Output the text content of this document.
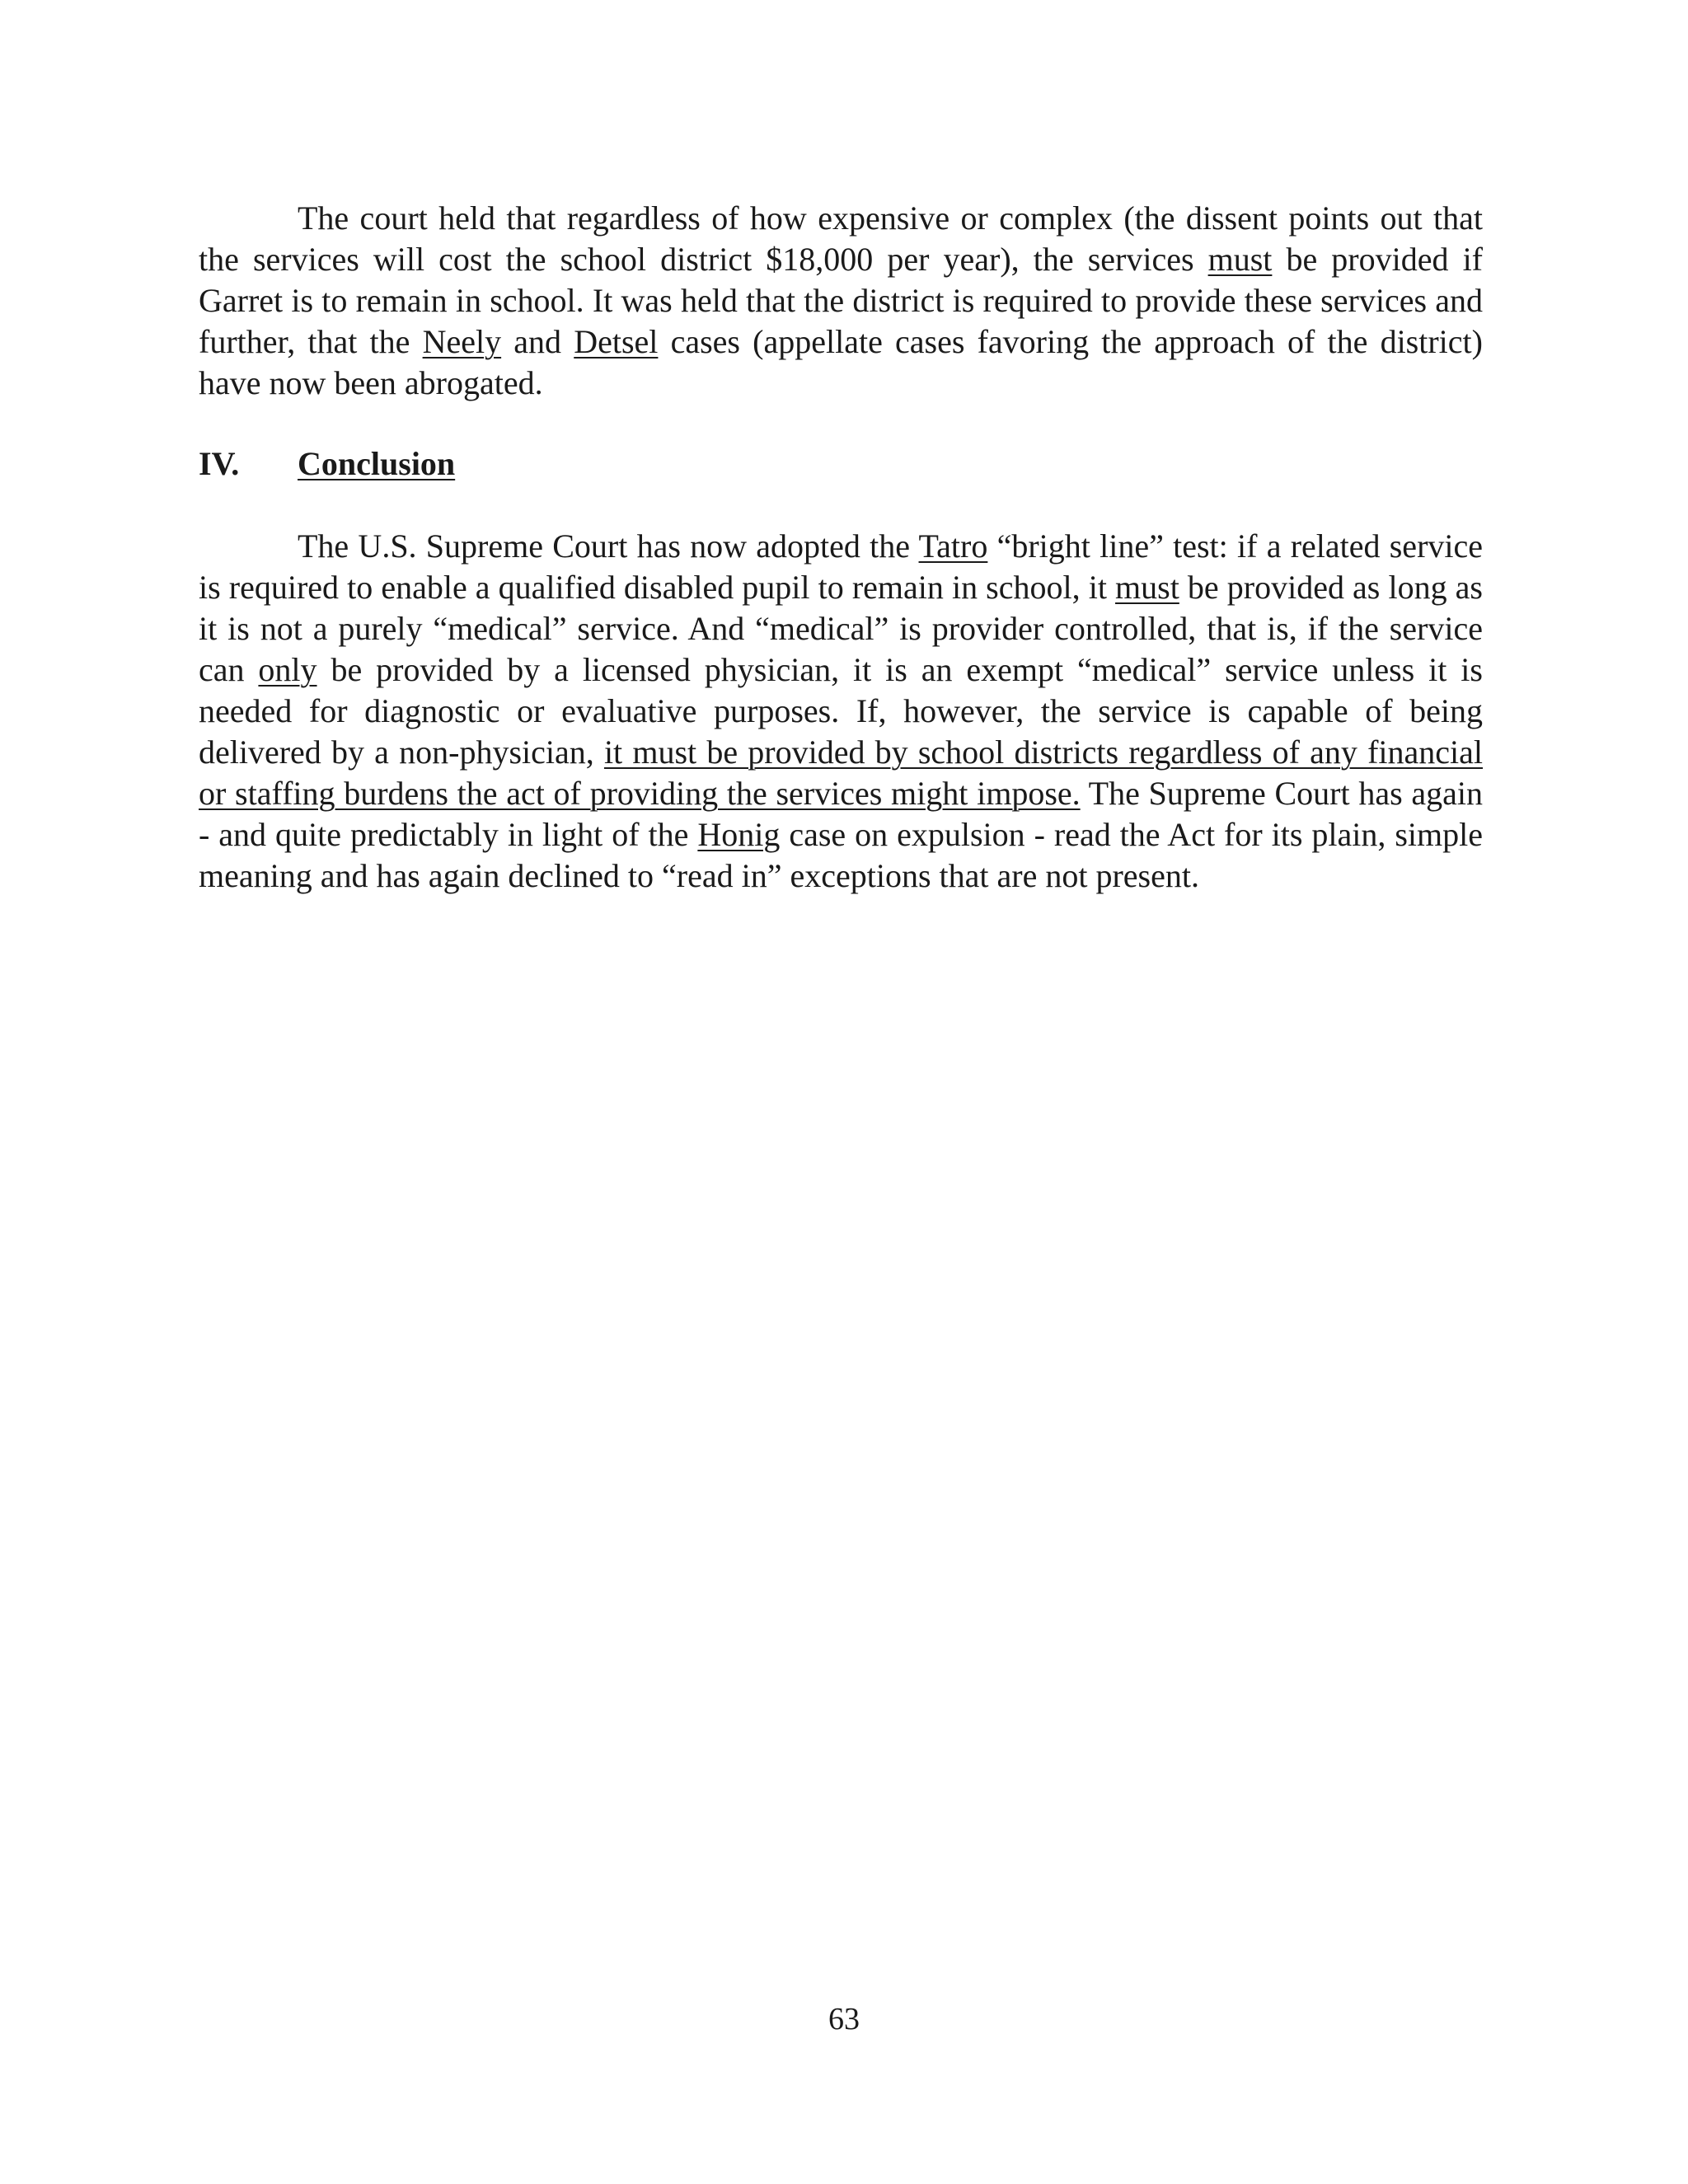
The court held that regardless of how expensive or complex (the dissent points out that the services will cost the school district $18,000 per year), the services must be provided if Garret is to remain in school. It was held that the district is required to provide these services and further, that the Neely and Detsel cases (appellate cases favoring the approach of the district) have now been abrogated.

IV. Conclusion

The U.S. Supreme Court has now adopted the Tatro “bright line” test: if a related service is required to enable a qualified disabled pupil to remain in school, it must be provided as long as it is not a purely “medical” service. And “medical” is provider controlled, that is, if the service can only be provided by a licensed physician, it is an exempt “medical” service unless it is needed for diagnostic or evaluative purposes. If, however, the service is capable of being delivered by a non-physician, it must be provided by school districts regardless of any financial or staffing burdens the act of providing the services might impose. The Supreme Court has again - and quite predictably in light of the Honig case on expulsion - read the Act for its plain, simple meaning and has again declined to “read in” exceptions that are not present.

63
